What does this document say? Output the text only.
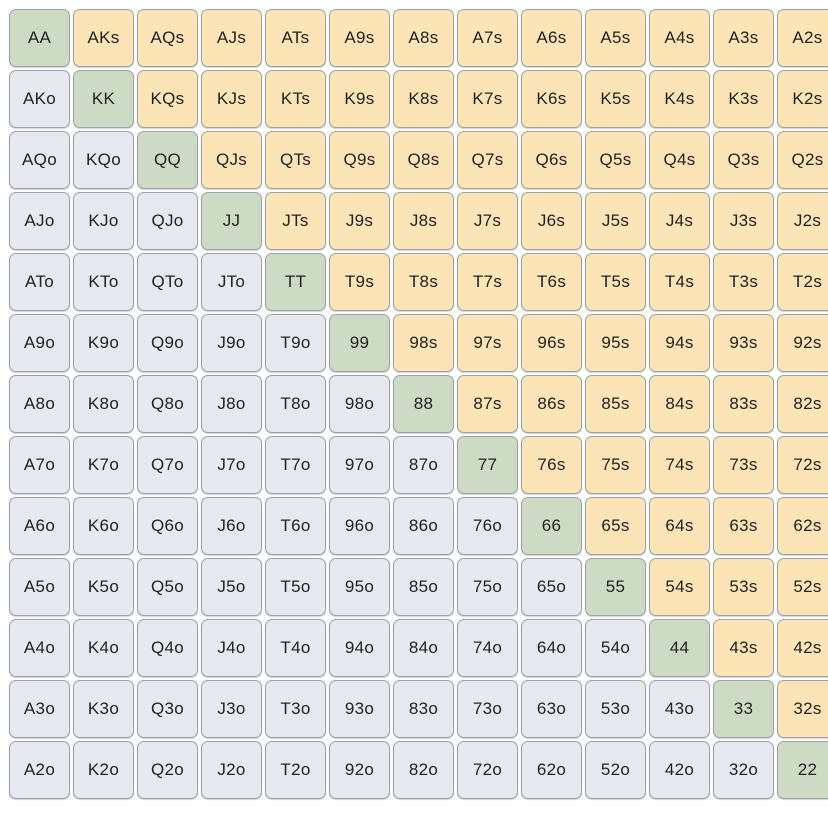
AA	AKs	AQs	AJs	ATs	A9s	A8s	A7s	A6s	A5s	A4s	A3s	A2s

AKo	KK	KQs	KJs	KTs	K9s	K8s	K7s	K6s	K5s	K4s	K3s	K2s

AQo	KQo	QQ	QJs	QTs	Q9s	Q8s	Q7s	Q6s	Q5s	Q4s	Q3s	Q2s

AJo	KJo	QJo	JJ	JTs	J9s	J8s	J7s	J6s	J5s	J4s	J3s	J2s

ATo	KTo	QTo	JTo	TT	T9s	T8s	T7s	T6s	T5s	T4s	T3s	T2s

A9o	K9o	Q9o	J9o	T9o	99	98s	97s	96s	95s	94s	93s	92s

A8o	K8o	Q8o	J8o	T8o	98o	88	87s	86s	85s	84s	83s	82s

A7o	K7o	Q7o	J7o	T7o	97o	87o	77	76s	75s	74s	73s	72s

A6o	K6o	Q6o	J6o	T6o	96o	86o	76o	66	65s	64s	63s	62s

A5o	K5o	Q5o	J5o	T5o	95o	85o	75o	65o	55	54s	53s	52s

A4o	K4o	Q4o	J4o	T4o	94o	84o	74o	64o	54o	44	43s	42s

A3o	K3o	Q3o	J3o	T3o	93o	83o	73o	63o	53o	43o	33	32s

A2o	K2o	Q2o	J2o	T2o	92o	82o	72o	62o	52o	42o	32o	22
